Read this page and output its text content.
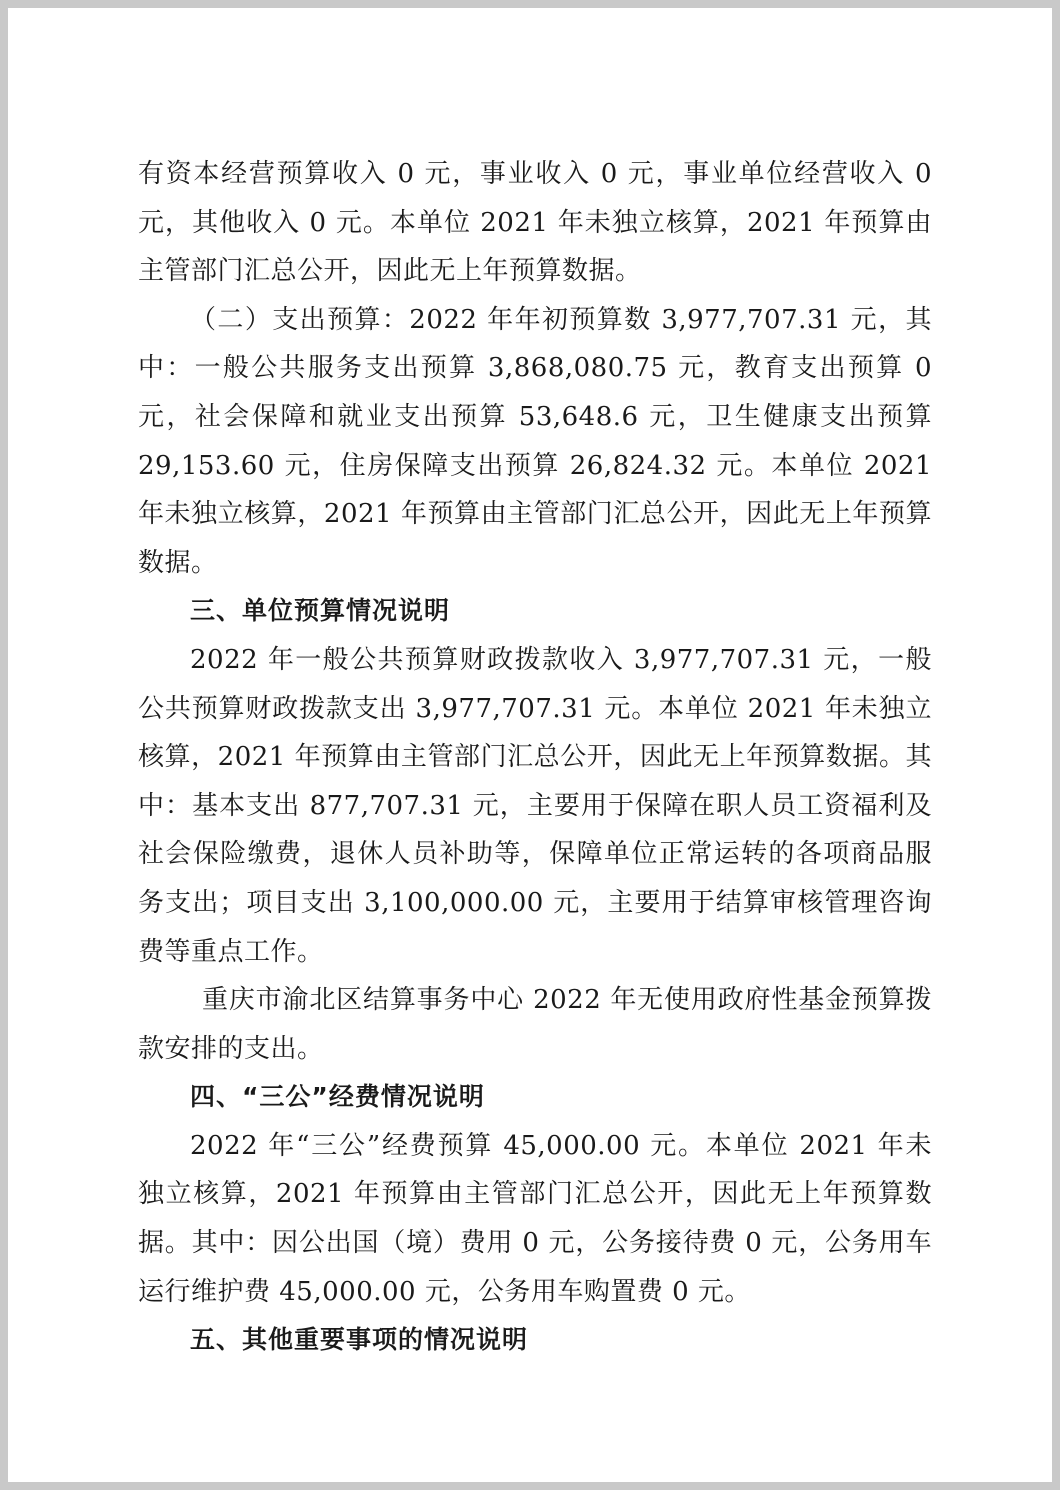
有资本经营预算收入 0 元，事业收入 0 元，事业单位经营收入 0 元，其他收入 0 元。本单位 2021 年未独立核算，2021 年预算由主管部门汇总公开，因此无上年预算数据。

（二）支出预算：2022 年年初预算数 3,977,707.31 元，其中：一般公共服务支出预算 3,868,080.75 元，教育支出预算 0 元，社会保障和就业支出预算 53,648.6 元，卫生健康支出预算 29,153.60 元，住房保障支出预算 26,824.32 元。本单位 2021 年未独立核算，2021 年预算由主管部门汇总公开，因此无上年预算数据。

三、单位预算情况说明

2022 年一般公共预算财政拨款收入 3,977,707.31 元，一般公共预算财政拨款支出 3,977,707.31 元。本单位 2021 年未独立核算，2021 年预算由主管部门汇总公开，因此无上年预算数据。其中：基本支出 877,707.31 元，主要用于保障在职人员工资福利及社会保险缴费，退休人员补助等，保障单位正常运转的各项商品服务支出；项目支出 3,100,000.00 元，主要用于结算审核管理咨询费等重点工作。

重庆市渝北区结算事务中心 2022 年无使用政府性基金预算拨款安排的支出。

四、“三公”经费情况说明

2022 年“三公”经费预算 45,000.00 元。本单位 2021 年未独立核算，2021 年预算由主管部门汇总公开，因此无上年预算数据。其中：因公出国（境）费用 0 元，公务接待费 0 元，公务用车运行维护费 45,000.00 元，公务用车购置费 0 元。

五、其他重要事项的情况说明
